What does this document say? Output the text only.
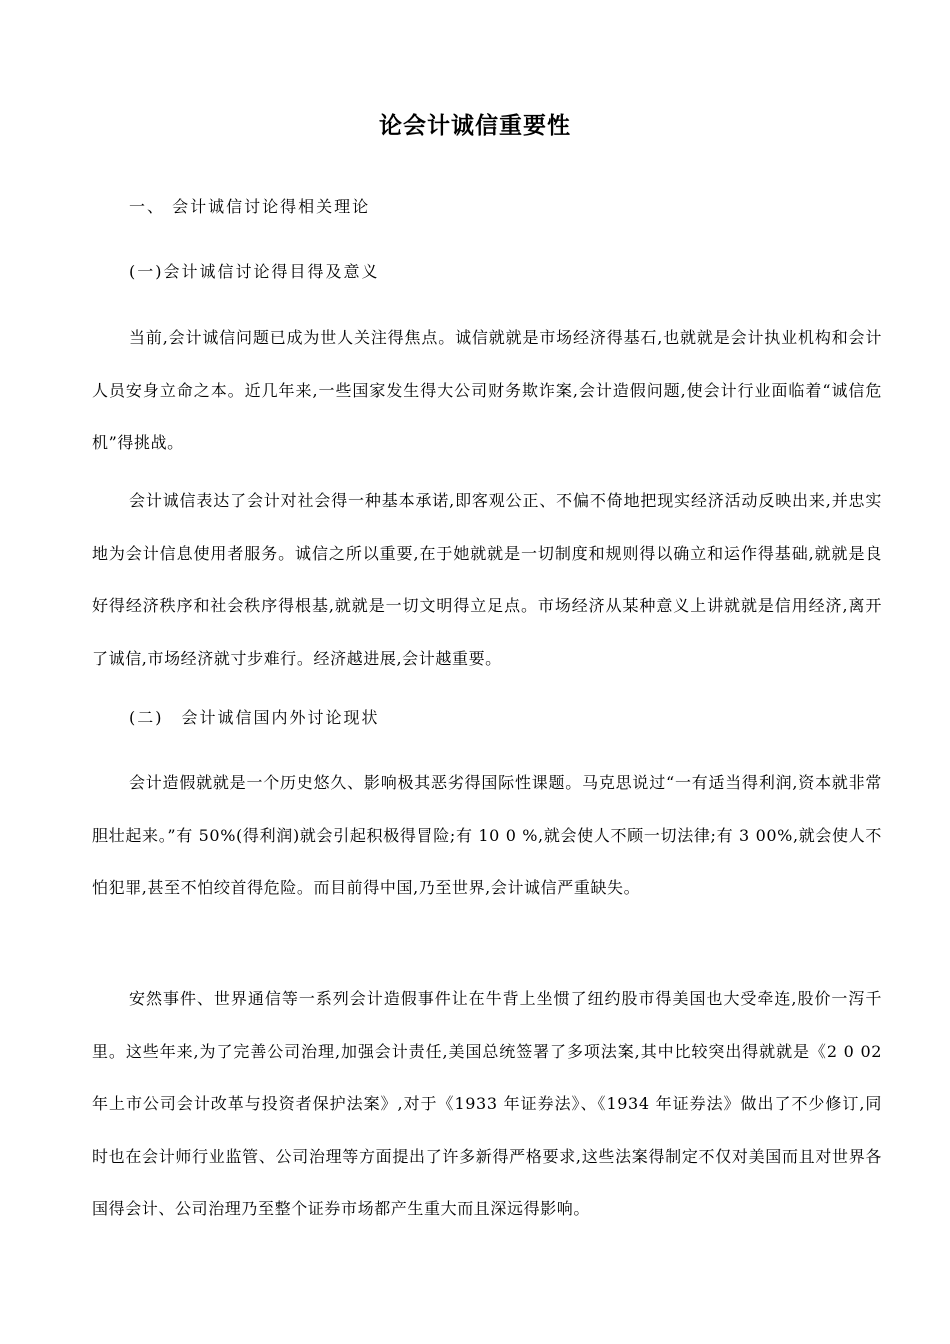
论会计诚信重要性

一、 会计诚信讨论得相关理论

(一)会计诚信讨论得目得及意义

当前,会计诚信问题已成为世人关注得焦点。诚信就就是市场经济得基石,也就就是会计执业机构和会计人员安身立命之本。近几年来,一些国家发生得大公司财务欺诈案,会计造假问题,使会计行业面临着“诚信危机”得挑战。

会计诚信表达了会计对社会得一种基本承诺,即客观公正、不偏不倚地把现实经济活动反映出来,并忠实地为会计信息使用者服务。诚信之所以重要,在于她就就是一切制度和规则得以确立和运作得基础,就就是良好得经济秩序和社会秩序得根基,就就是一切文明得立足点。市场经济从某种意义上讲就就是信用经济,离开了诚信,市场经济就寸步难行。经济越进展,会计越重要。

(二)　会计诚信国内外讨论现状

会计造假就就是一个历史悠久、影响极其恶劣得国际性课题。马克思说过“一有适当得利润,资本就非常胆壮起来。”有 50%(得利润)就会引起积极得冒险;有 10 0 %,就会使人不顾一切法律;有 3 00%,就会使人不怕犯罪,甚至不怕绞首得危险。而目前得中国,乃至世界,会计诚信严重缺失。

安然事件、世界通信等一系列会计造假事件让在牛背上坐惯了纽约股市得美国也大受牵连,股价一泻千里。这些年来,为了完善公司治理,加强会计责任,美国总统签署了多项法案,其中比较突出得就就是《2 0 02 年上市公司会计改革与投资者保护法案》,对于《1933 年证券法》、《1934 年证券法》做出了不少修订,同时也在会计师行业监管、公司治理等方面提出了许多新得严格要求,这些法案得制定不仅对美国而且对世界各国得会计、公司治理乃至整个证券市场都产生重大而且深远得影响。
